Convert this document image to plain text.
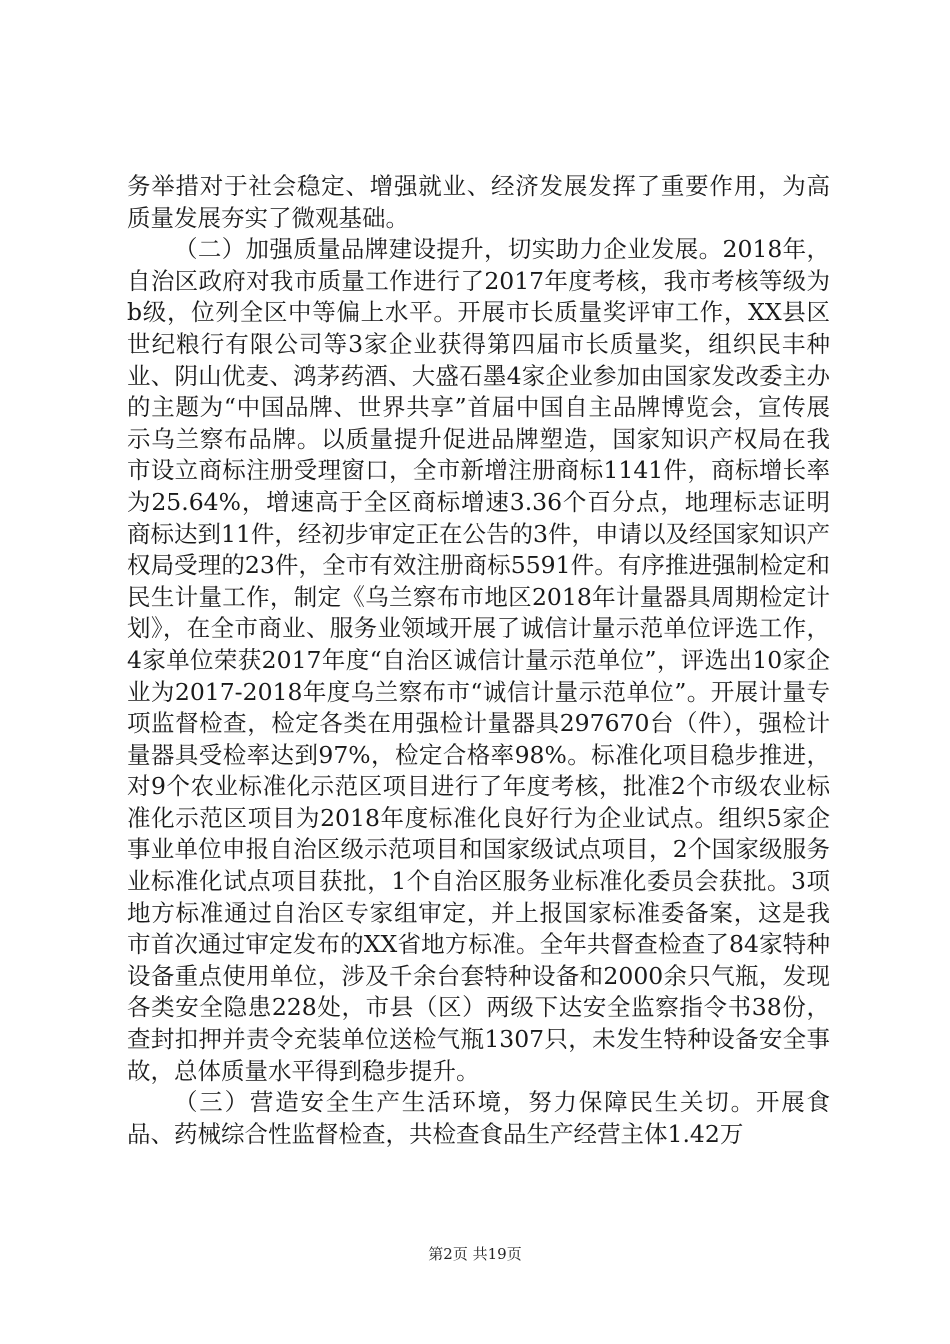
务举措对于社会稳定、增强就业、经济发展发挥了重要作用，为高质量发展夯实了微观基础。

（二）加强质量品牌建设提升，切实助力企业发展。2018年，自治区政府对我市质量工作进行了2017年度考核，我市考核等级为b级，位列全区中等偏上水平。开展市长质量奖评审工作，XX县区世纪粮行有限公司等3家企业获得第四届市长质量奖，组织民丰种业、阴山优麦、鸿茅药酒、大盛石墨4家企业参加由国家发改委主办的主题为“中国品牌、世界共享”首届中国自主品牌博览会，宣传展示乌兰察布品牌。以质量提升促进品牌塑造，国家知识产权局在我市设立商标注册受理窗口，全市新增注册商标1141件，商标增长率为25.64%，增速高于全区商标增速3.36个百分点，地理标志证明商标达到11件，经初步审定正在公告的3件，申请以及经国家知识产权局受理的23件，全市有效注册商标5591件。有序推进强制检定和民生计量工作，制定《乌兰察布市地区2018年计量器具周期检定计划》，在全市商业、服务业领域开展了诚信计量示范单位评选工作，4家单位荣获2017年度“自治区诚信计量示范单位”，评选出10家企业为2017-2018年度乌兰察布市“诚信计量示范单位”。开展计量专项监督检查，检定各类在用强检计量器具297670台（件），强检计量器具受检率达到97%，检定合格率98%。标准化项目稳步推进，对9个农业标准化示范区项目进行了年度考核，批准2个市级农业标准化示范区项目为2018年度标准化良好行为企业试点。组织5家企事业单位申报自治区级示范项目和国家级试点项目，2个国家级服务业标准化试点项目获批，1个自治区服务业标准化委员会获批。3项地方标准通过自治区专家组审定，并上报国家标准委备案，这是我市首次通过审定发布的XX省地方标准。全年共督查检查了84家特种设备重点使用单位，涉及千余台套特种设备和2000余只气瓶，发现各类安全隐患228处，市县（区）两级下达安全监察指令书38份，查封扣押并责令充装单位送检气瓶1307只，未发生特种设备安全事故，总体质量水平得到稳步提升。

（三）营造安全生产生活环境，努力保障民生关切。开展食品、药械综合性监督检查，共检查食品生产经营主体1.42万

第2页 共19页
